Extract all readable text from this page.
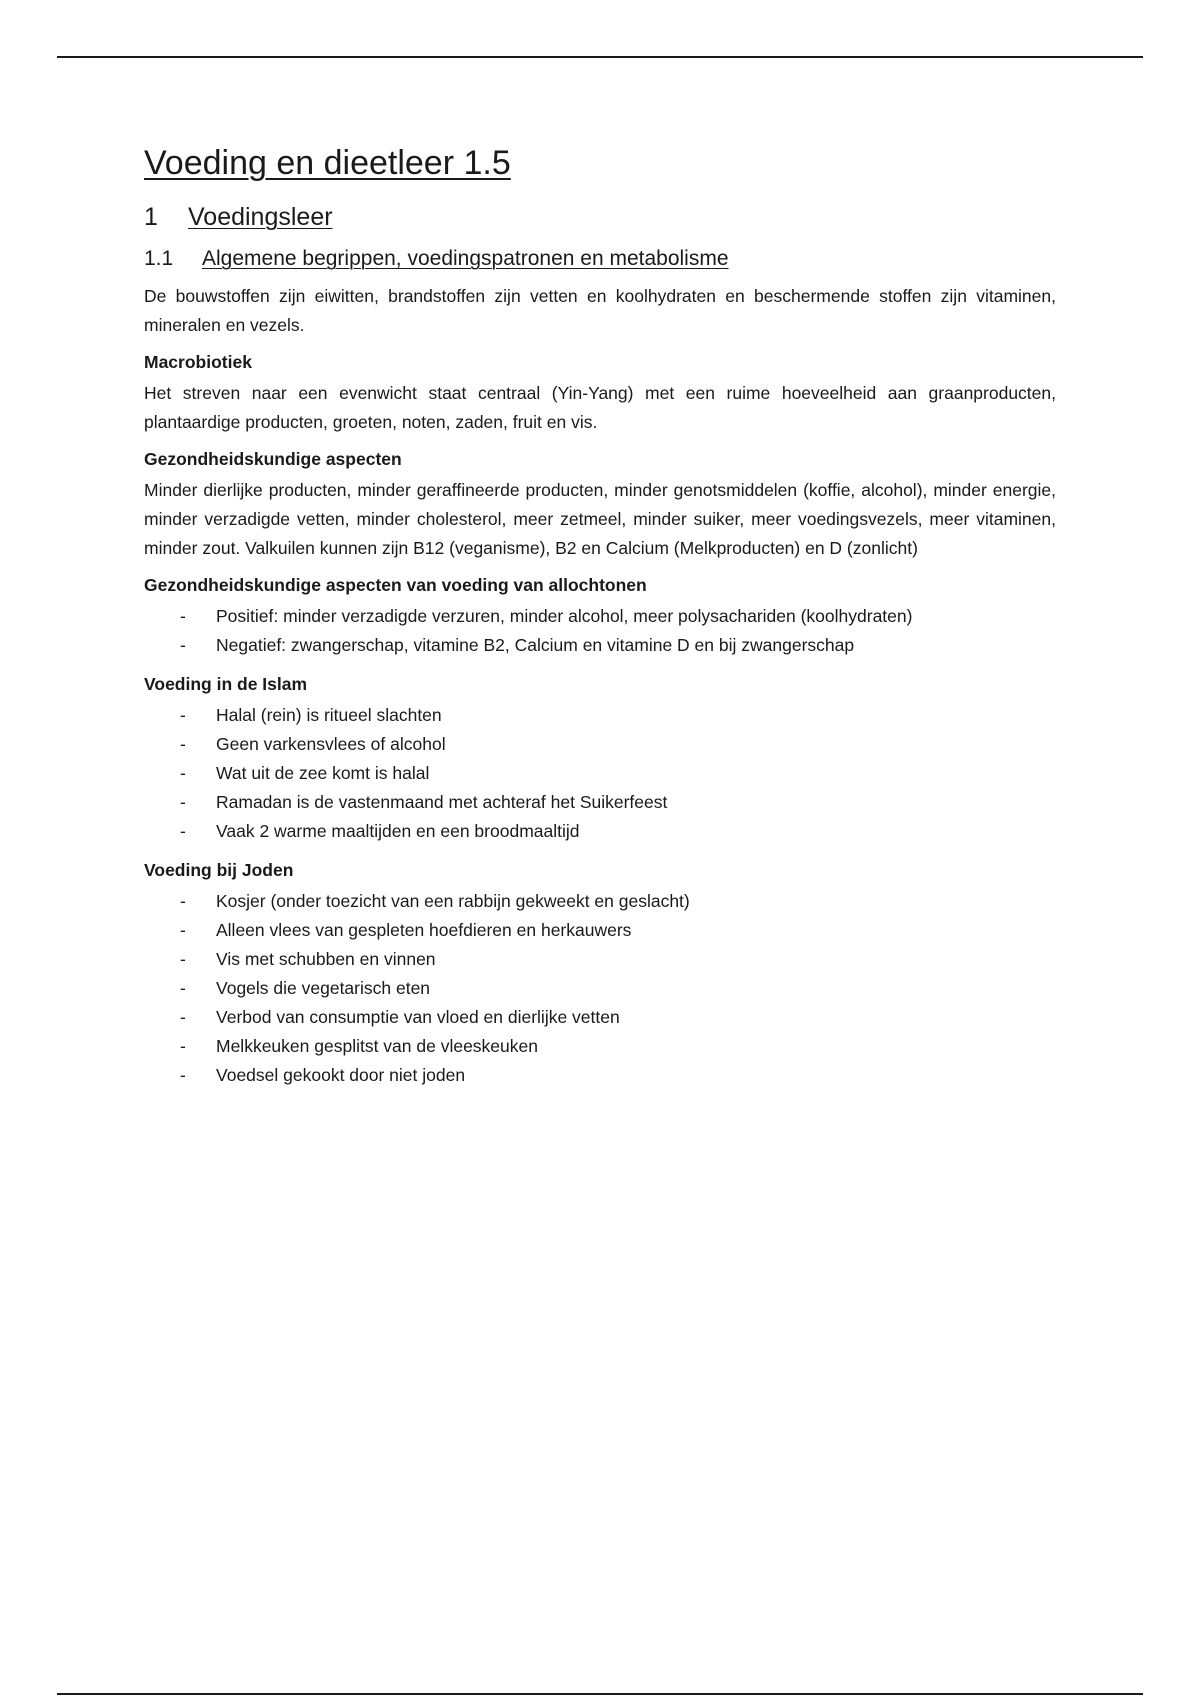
Voeding en dieetleer 1.5
1	Voedingsleer
1.1	Algemene begrippen, voedingspatronen en metabolisme

De bouwstoffen zijn eiwitten, brandstoffen zijn vetten en koolhydraten en beschermende stoffen zijn vitaminen, mineralen en vezels.

Macrobiotiek

Het streven naar een evenwicht staat centraal (Yin-Yang) met een ruime hoeveelheid aan graanproducten, plantaardige producten, groeten, noten, zaden, fruit en vis.

Gezondheidskundige aspecten

Minder dierlijke producten, minder geraffineerde producten, minder genotsmiddelen (koffie, alcohol), minder energie, minder verzadigde vetten, minder cholesterol, meer zetmeel, minder suiker, meer voedingsvezels, meer vitaminen, minder zout. Valkuilen kunnen zijn B12 (veganisme), B2 en Calcium (Melkproducten) en D (zonlicht)

Gezondheidskundige aspecten van voeding van allochtonen
-	Positief: minder verzadigde verzuren, minder alcohol, meer polysachariden (koolhydraten)
-	Negatief: zwangerschap, vitamine B2, Calcium en vitamine D en bij zwangerschap
Voeding in de Islam
-	Halal (rein) is ritueel slachten
-	Geen varkensvlees of alcohol
-	Wat uit de zee komt is halal
-	Ramadan is de vastenmaand met achteraf het Suikerfeest
-	Vaak 2 warme maaltijden en een broodmaaltijd
Voeding bij Joden
-	Kosjer (onder toezicht van een rabbijn gekweekt en geslacht)
-	Alleen vlees van gespleten hoefdieren en herkauwers
-	Vis met schubben en vinnen
-	Vogels die vegetarisch eten
-	Verbod van consumptie van vloed en dierlijke vetten
-	Melkkeuken gesplitst van de vleeskeuken
-	Voedsel gekookt door niet joden
